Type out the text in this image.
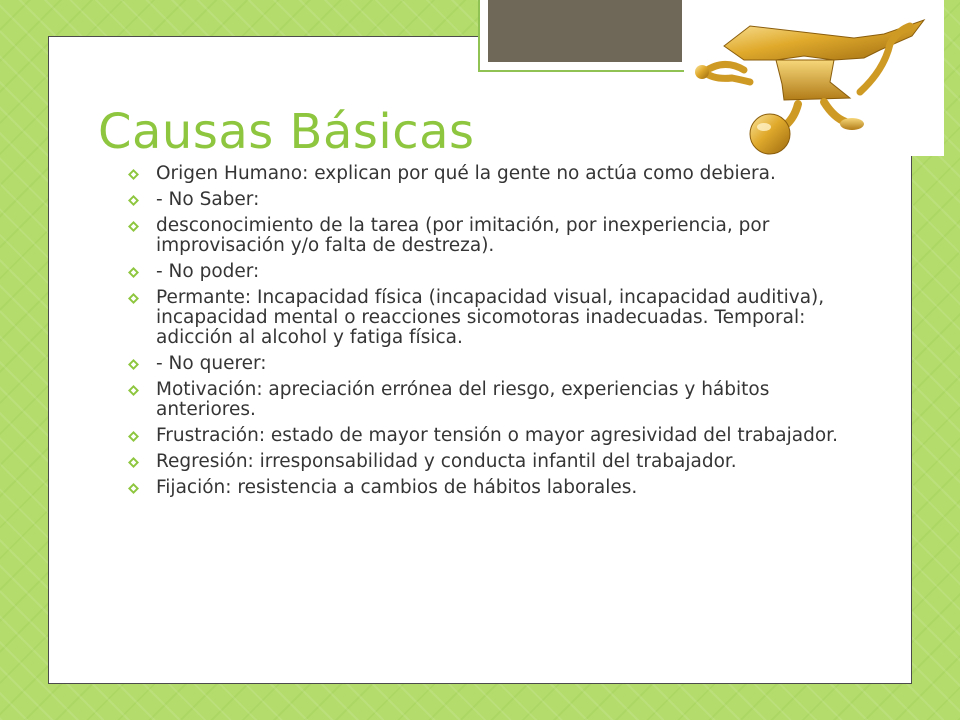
Causas Básicas
Origen Humano: explican por qué la gente no actúa como debiera.
- No Saber:
desconocimiento de la tarea (por imitación, por inexperiencia, por improvisación y/o falta de destreza).
- No poder:
Permante: Incapacidad física (incapacidad visual, incapacidad auditiva), incapacidad mental o reacciones sicomotoras inadecuadas. Temporal: adicción al alcohol y fatiga física.
- No querer:
Motivación: apreciación errónea del riesgo, experiencias y hábitos anteriores.
Frustración: estado de mayor tensión o mayor agresividad del trabajador.
Regresión: irresponsabilidad y conducta infantil del trabajador.
Fijación: resistencia a cambios de hábitos laborales.
